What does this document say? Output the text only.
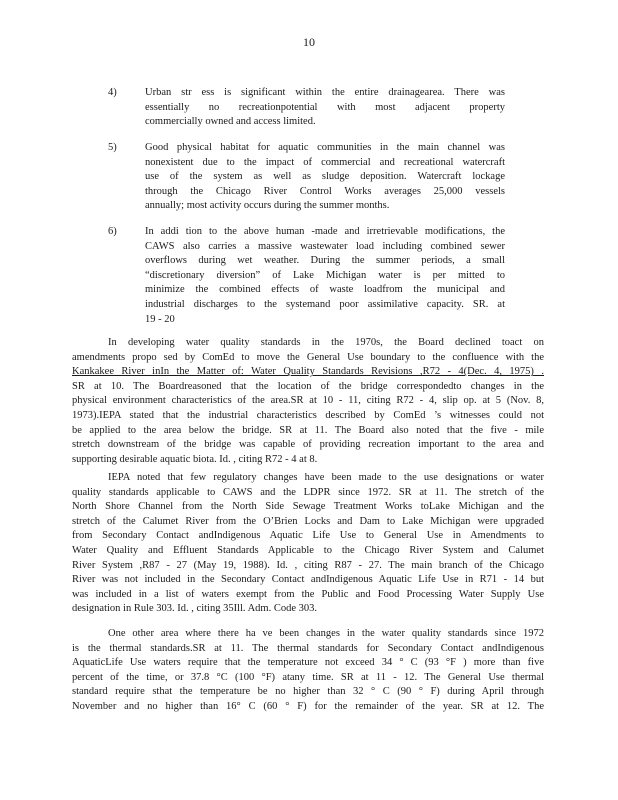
10
4)	Urban str ess is significant within the entire drainagearea. There was
essentially no recreationpotential with most adjacent property
commercially owned and access limited.
5)	Good physical habitat for aquatic communities in the main channel was
nonexistent due to the impact of commercial and recreational watercraft
use of the system as well as sludge deposition. Watercraft lockage
through the Chicago River Control Works averages 25,000 vessels
annually; most activity occurs during the summer months.
6)	In addi tion to the above human -made and irretrievable modifications, the
CAWS also carries a massive wastewater load including combined sewer
overflows during wet weather. During the summer periods, a small
“discretionary diversion” of Lake Michigan water is per mitted to
minimize the combined effects of waste loadfrom the municipal and
industrial discharges to the systemand poor assimilative capacity. SR. at
19 - 20
In developing water quality standards in the 1970s, the Board declined toact on
amendments propo sed by ComEd to move the General Use boundary to the confluence with the
Kankakee River inIn the Matter of: Water Quality Standards Revisions ,R72 - 4(Dec. 4, 1975) .
SR at 10. The Boardreasoned that the location of the bridge correspondedto changes in the
physical environment characteristics of the area.SR at 10 - 11, citing R72 - 4, slip op. at 5 (Nov. 8,
1973).IEPA stated that the industrial characteristics described by ComEd ’s witnesses could not
be applied to the area below the bridge. SR at 11. The Board also noted that the five - mile
stretch downstream of the bridge was capable of providing recreation important to the area and
supporting desirable aquatic biota. Id. , citing R72 - 4 at 8.
IEPA noted that few regulatory changes have been made to the use designations or water
quality standards applicable to CAWS and the LDPR since 1972. SR at 11. The stretch of the
North Shore Channel from the North Side Sewage Treatment Works toLake Michigan and the
stretch of the Calumet River from the O’Brien Locks and Dam to Lake Michigan were upgraded
from Secondary Contact andIndigenous Aquatic Life Use to General Use in Amendments to
Water Quality and Effluent Standards Applicable to the Chicago River System and Calumet
River System ,R87 - 27 (May 19, 1988). Id. , citing R87 - 27. The main branch of the Chicago
River was not included in the Secondary Contact andIndigenous Aquatic Life Use in R71 - 14 but
was included in a list of waters exempt from the Public and Food Processing Water Supply Use
designation in Rule 303. Id. , citing 35Ill. Adm. Code 303.
One other area where there ha ve been changes in the water quality standards since 1972
is the thermal standards.SR at 11. The thermal standards for Secondary Contact andIndigenous
AquaticLife Use waters require that the temperature not exceed 34 ° C (93 °F ) more than five
percent of the time, or 37.8 °C (100 °F) atany time. SR at 11 - 12. The General Use thermal
standard require sthat the temperature be no higher than 32 ° C (90 ° F) during April through
November and no higher than 16° C (60 ° F) for the remainder of the year. SR at 12. The
